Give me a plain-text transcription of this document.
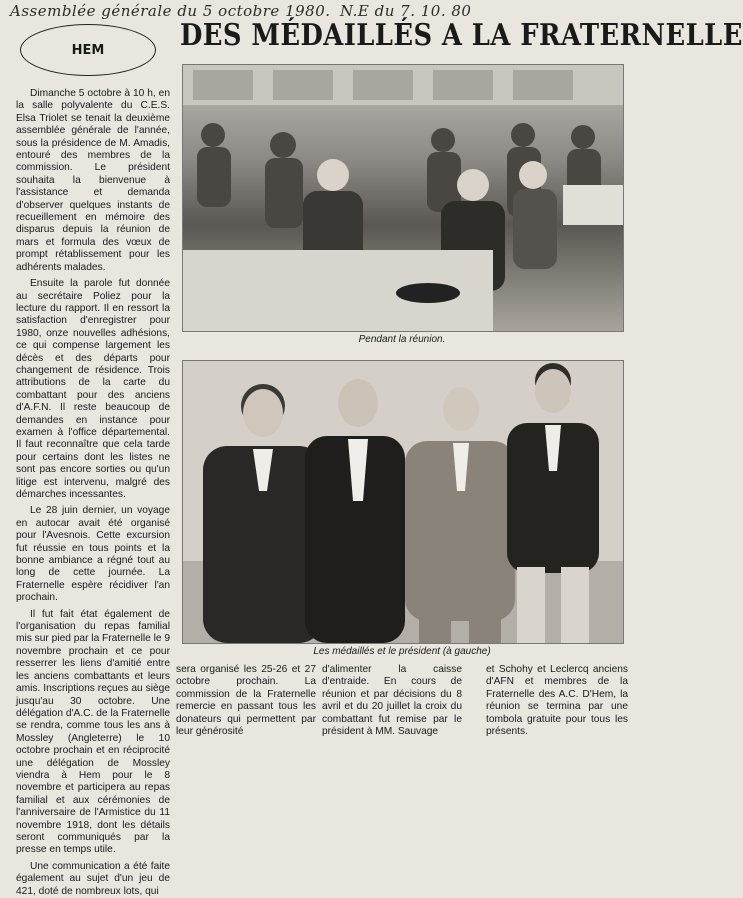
Assemblée générale du 5 octobre 1980. N.E du 7. 10. 80
HEM	DES MÉDAILLÉS A LA FRATERNELLE

Dimanche 5 octobre à 10 h, en la salle polyvalente du C.E.S. Elsa Triolet se tenait la deuxième assemblée générale de l'année, sous la présidence de M. Amadis, entouré des membres de la commission. Le président souhaita la bienvenue à l'assistance et demanda d'observer quelques instants de recueillement en mémoire des disparus depuis la réunion de mars et formula des vœux de prompt rétablissement pour les adhérents malades.

Ensuite la parole fut donnée au secrétaire Poliez pour la lecture du rapport. Il en ressort la satisfaction d'enregistrer pour 1980, onze nouvelles adhésions, ce qui compense largement les décès et des départs pour changement de résidence. Trois attributions de la carte du combattant pour des anciens d'A.F.N. Il reste beaucoup de demandes en instance pour examen à l'office départemental. Il faut reconnaître que cela tarde pour certains dont les listes ne sont pas encore sorties ou qu'un litige est intervenu, malgré des démarches incessantes.

Le 28 juin dernier, un voyage en autocar avait été organisé pour l'Avesnois. Cette excursion fut réussie en tous points et la bonne ambiance a régné tout au long de cette journée. La Fraternelle espère récidiver l'an prochain.

Il fut fait état également de l'organisation du repas familial mis sur pied par la Fraternelle le 9 novembre prochain et ce pour resserrer les liens d'amitié entre les anciens combattants et leurs amis. Inscriptions reçues au siège jusqu'au 30 octobre. Une délégation d'A.C. de la Fraternelle se rendra, comme tous les ans à Mossley (Angleterre) le 10 octobre prochain et en réciprocité une délégation de Mossley viendra à Hem pour le 8 novembre et participera au repas familial et aux cérémonies de l'anniversaire de l'Armistice du 11 novembre 1918, dont les détails seront communiqués par la presse en temps utile.

Une communication a été faite également au sujet d'un jeu de 421, doté de nombreux lots, qui

Pendant la réunion.
Les médaillés et le président (à gauche)

sera organisé les 25-26 et 27 octobre prochain. La commission de la Fraternelle remercie en passant tous les donateurs qui permettent par leur générosité

d'alimenter la caisse d'entraide. En cours de réunion et par décisions du 8 avril et du 20 juillet la croix du combattant fut remise par le président à MM. Sauvage

et Schohy et Leclercq anciens d'AFN et membres de la Fraternelle des A.C. D'Hem, la réunion se termina par une tombola gratuite pour tous les présents.
